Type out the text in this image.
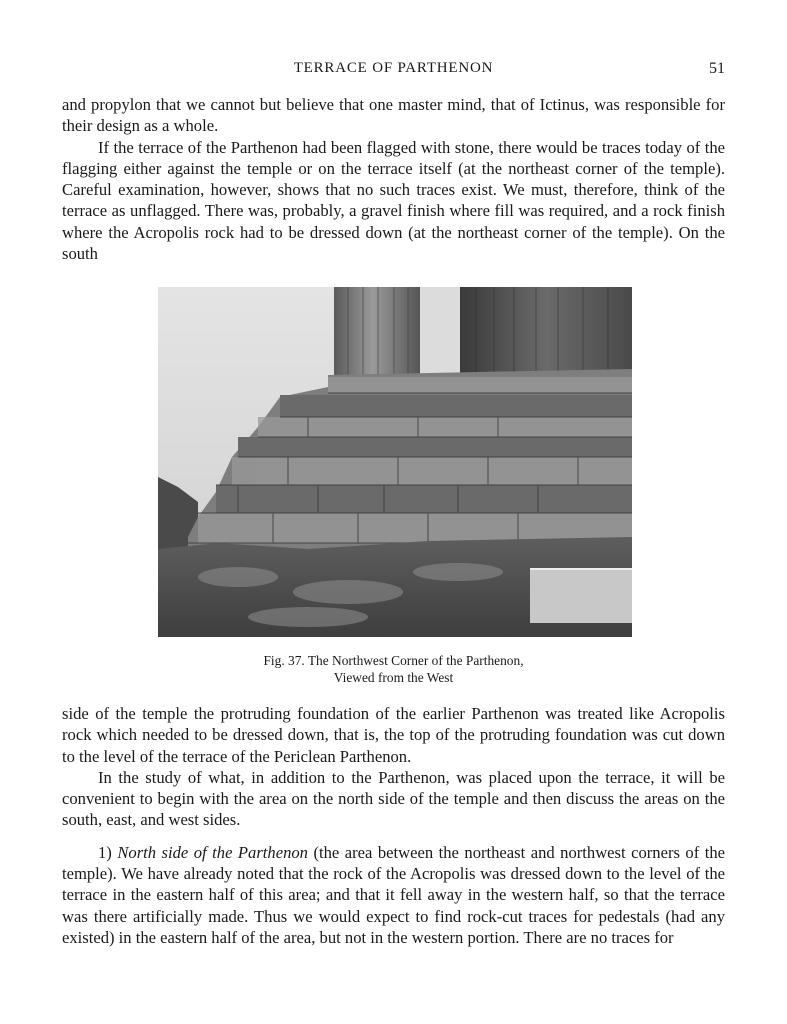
TERRACE OF PARTHENON	51

and propylon that we cannot but believe that one master mind, that of Ictinus, was responsible for their design as a whole.

If the terrace of the Parthenon had been flagged with stone, there would be traces today of the flagging either against the temple or on the terrace itself (at the northeast corner of the temple). Careful examination, however, shows that no such traces exist. We must, therefore, think of the terrace as unflagged. There was, probably, a gravel finish where fill was required, and a rock finish where the Acropolis rock had to be dressed down (at the northeast corner of the temple). On the south

Fig. 37. The Northwest Corner of the Parthenon,
Viewed from the West

side of the temple the protruding foundation of the earlier Parthenon was treated like Acropolis rock which needed to be dressed down, that is, the top of the protruding foundation was cut down to the level of the terrace of the Periclean Parthenon.

In the study of what, in addition to the Parthenon, was placed upon the terrace, it will be convenient to begin with the area on the north side of the temple and then discuss the areas on the south, east, and west sides.

1) North side of the Parthenon (the area between the northeast and northwest corners of the temple). We have already noted that the rock of the Acropolis was dressed down to the level of the terrace in the eastern half of this area; and that it fell away in the western half, so that the terrace was there artificially made. Thus we would expect to find rock-cut traces for pedestals (had any existed) in the eastern half of the area, but not in the western portion. There are no traces for
